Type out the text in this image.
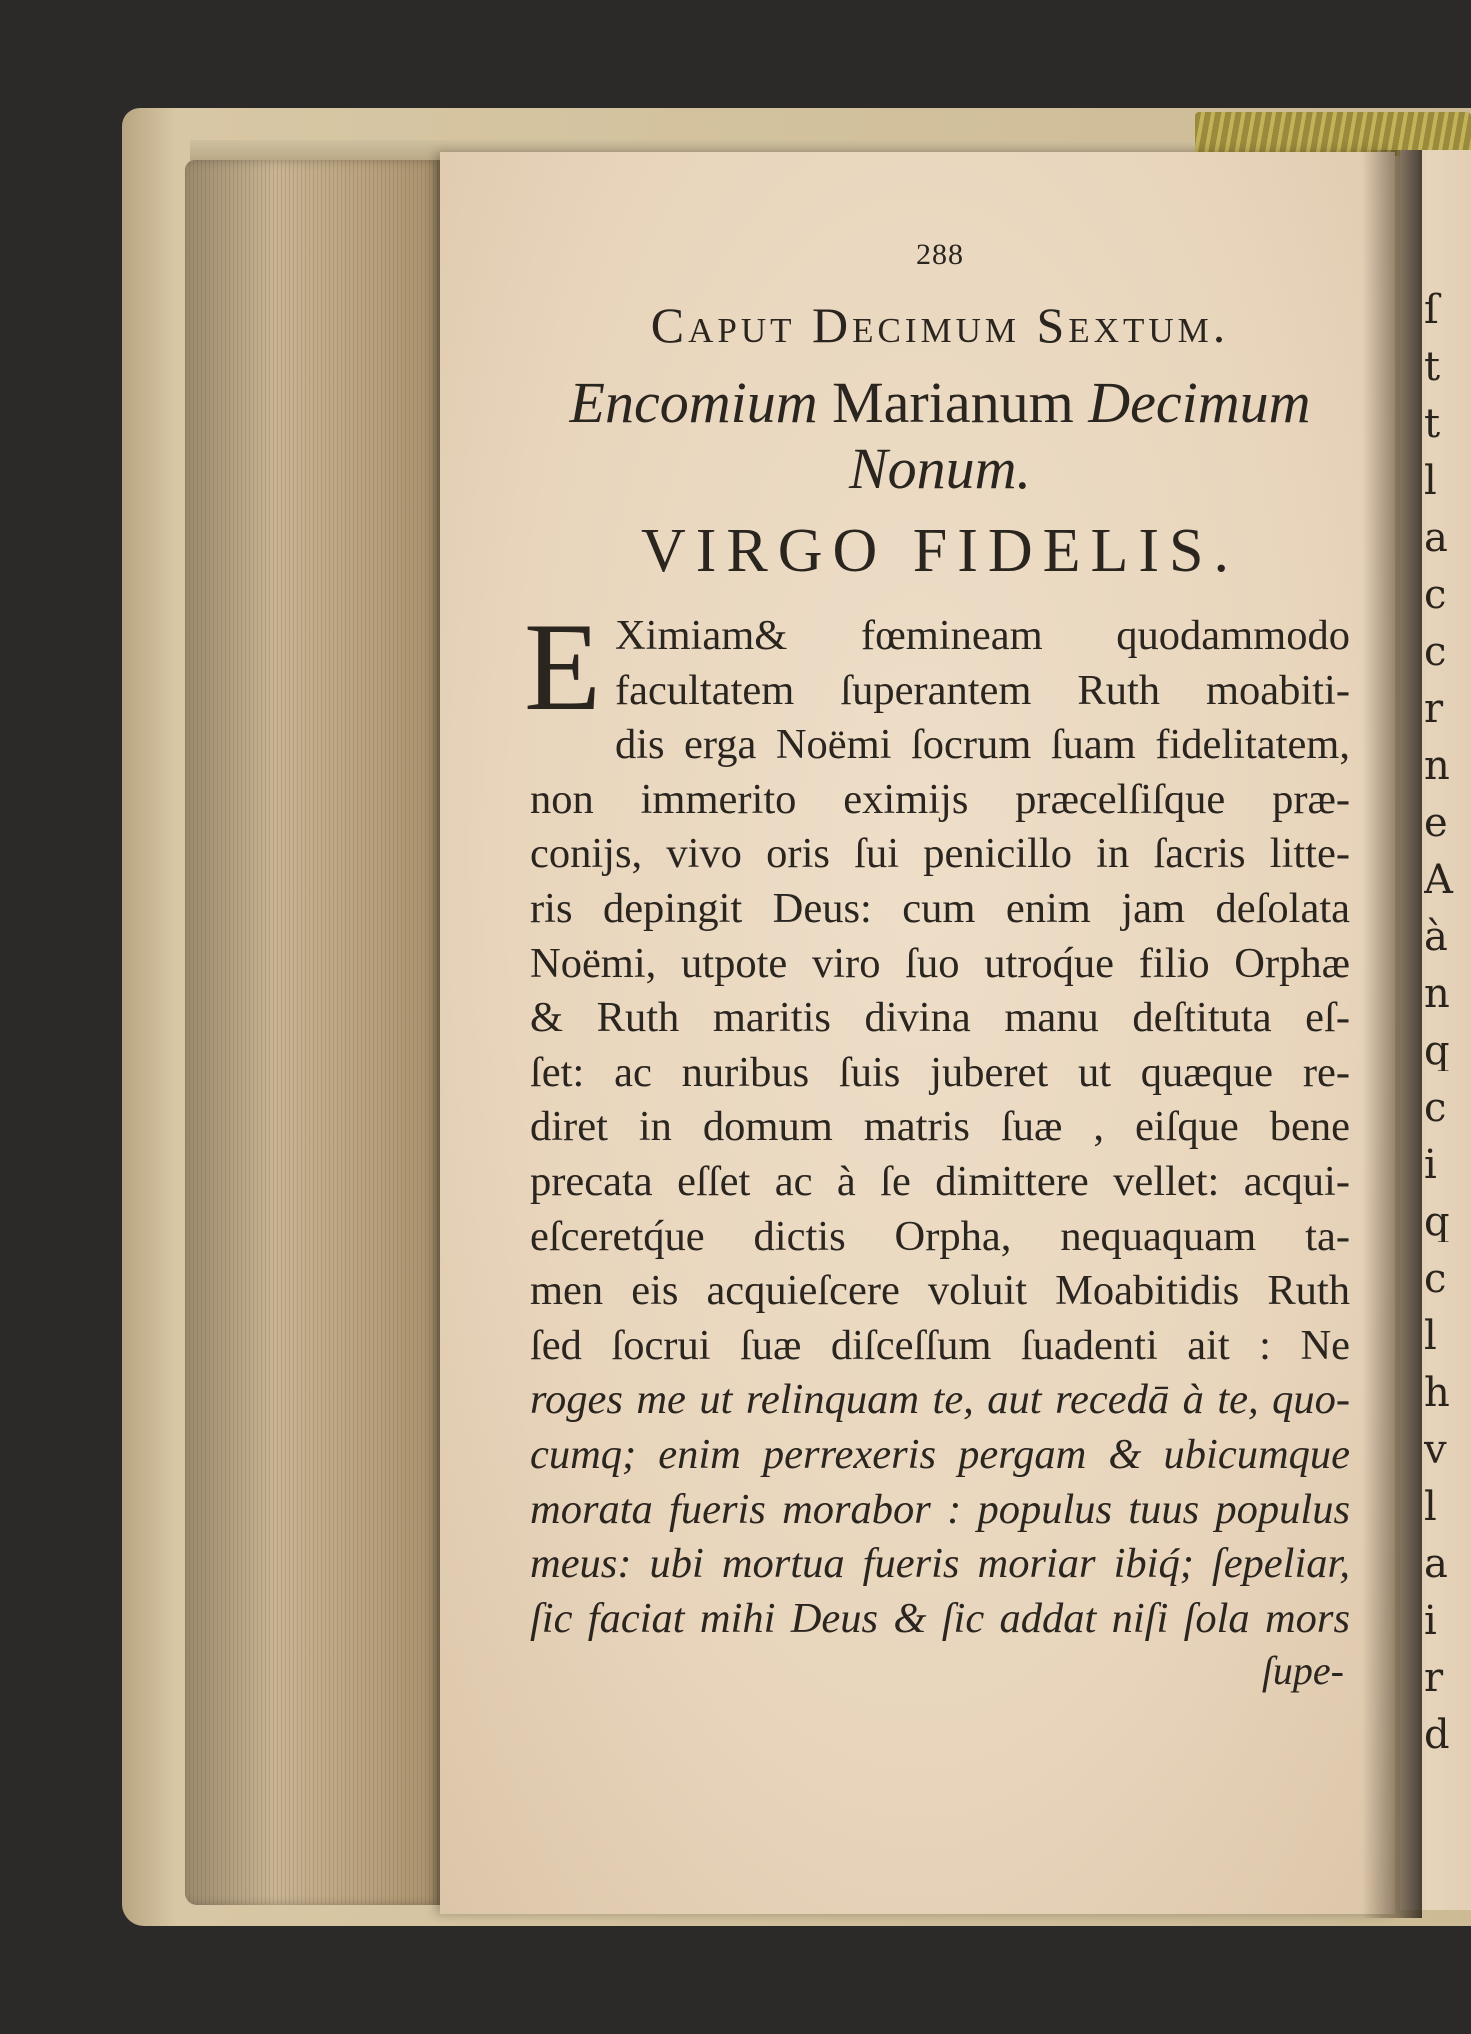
ſ
t
t
l
a
c
c
r
n
e
A
à
n
q
c
i
q
c
l
h
v
l
a
i
r
d
288
Caput Decimum Sextum.
Encomium Marianum Decimum
Nonum.
VIRGO FIDELIS.
E Ximiam& fœmineam quodammodo
facultatem ſuperantem Ruth moabiti-
dis erga Noëmi ſocrum ſuam fidelitatem,
non immerito eximijs præcelſiſque præ-
conijs, vivo oris ſui penicillo in ſacris litte-
ris depingit Deus: cum enim jam deſolata
Noëmi, utpote viro ſuo utroq́ue filio Orphæ
& Ruth maritis divina manu deſtituta eſ-
ſet: ac nuribus ſuis juberet ut quæque re-
diret in domum matris ſuæ , eiſque bene
precata eſſet ac à ſe dimittere vellet: acqui-
eſceretq́ue dictis Orpha, nequaquam ta-
men eis acquieſcere voluit Moabitidis Ruth
ſed ſocrui ſuæ diſceſſum ſuadenti ait : Ne
roges me ut relinquam te, aut recedā à te, quo-
cumq; enim perrexeris pergam & ubicumque
morata fueris morabor : populus tuus populus
meus: ubi mortua fueris moriar ibiq́; ſepeliar,
ſic faciat mihi Deus & ſic addat niſi ſola mors
ſupe-
